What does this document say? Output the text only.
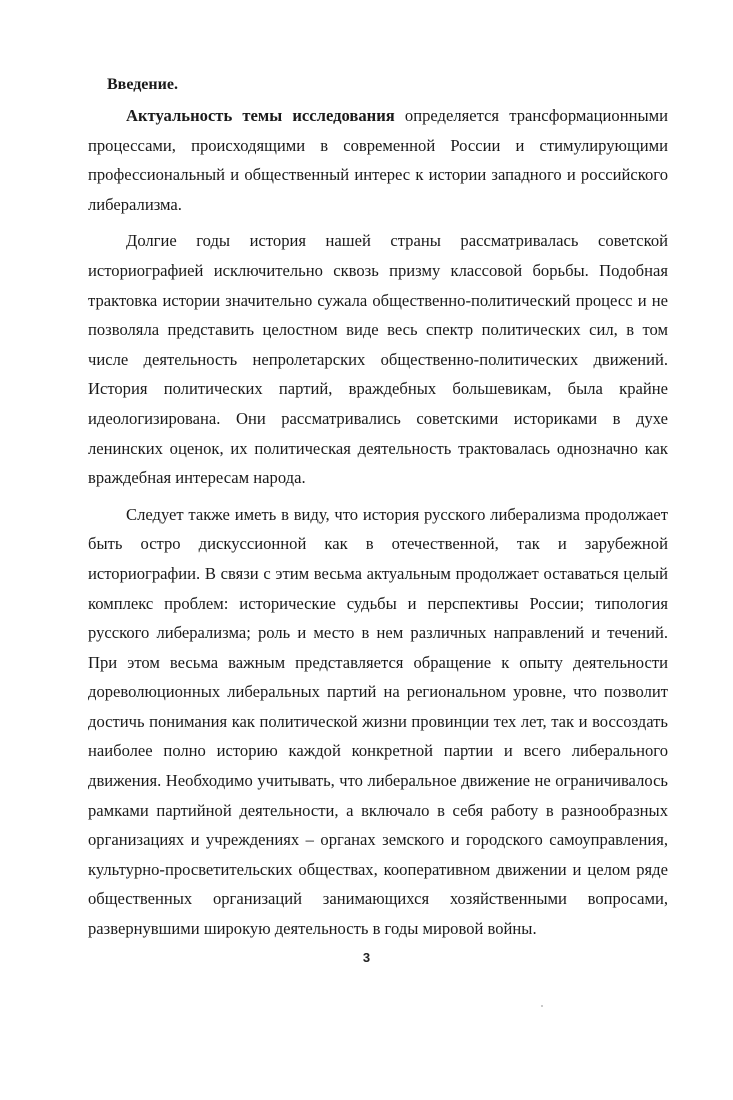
Введение.

Актуальность темы исследования определяется трансформационными процессами, происходящими в современной России и стимулирующими профессиональный и общественный интерес к истории западного и российского либерализма.

Долгие годы история нашей страны рассматривалась советской историографией исключительно сквозь призму классовой борьбы. Подобная трактовка истории значительно сужала общественно-политический процесс и не позволяла представить целостном виде весь спектр политических сил, в том числе деятельность непролетарских общественно-политических движений. История политических партий, враждебных большевикам, была крайне идеологизирована. Они рассматривались советскими историками в духе ленинских оценок, их политическая деятельность трактовалась однозначно как враждебная интересам народа.

Следует также иметь в виду, что история русского либерализма продолжает быть остро дискуссионной как в отечественной, так и зарубежной историографии. В связи с этим весьма актуальным продолжает оставаться целый комплекс проблем: исторические судьбы и перспективы России; типология русского либерализма; роль и место в нем различных направлений и течений. При этом весьма важным представляется обращение к опыту деятельности дореволюционных либеральных партий на региональном уровне, что позволит достичь понимания как политической жизни провинции тех лет, так и воссоздать наиболее полно историю каждой конкретной партии и всего либерального движения. Необходимо учитывать, что либеральное движение не ограничивалось рамками партийной деятельности, а включало в себя работу в разнообразных организациях и учреждениях – органах земского и городского самоуправления, культурно-просветительских обществах, кооперативном движении и целом ряде общественных организаций занимающихся хозяйственными вопросами, развернувшими широкую деятельность в годы мировой войны.

3
